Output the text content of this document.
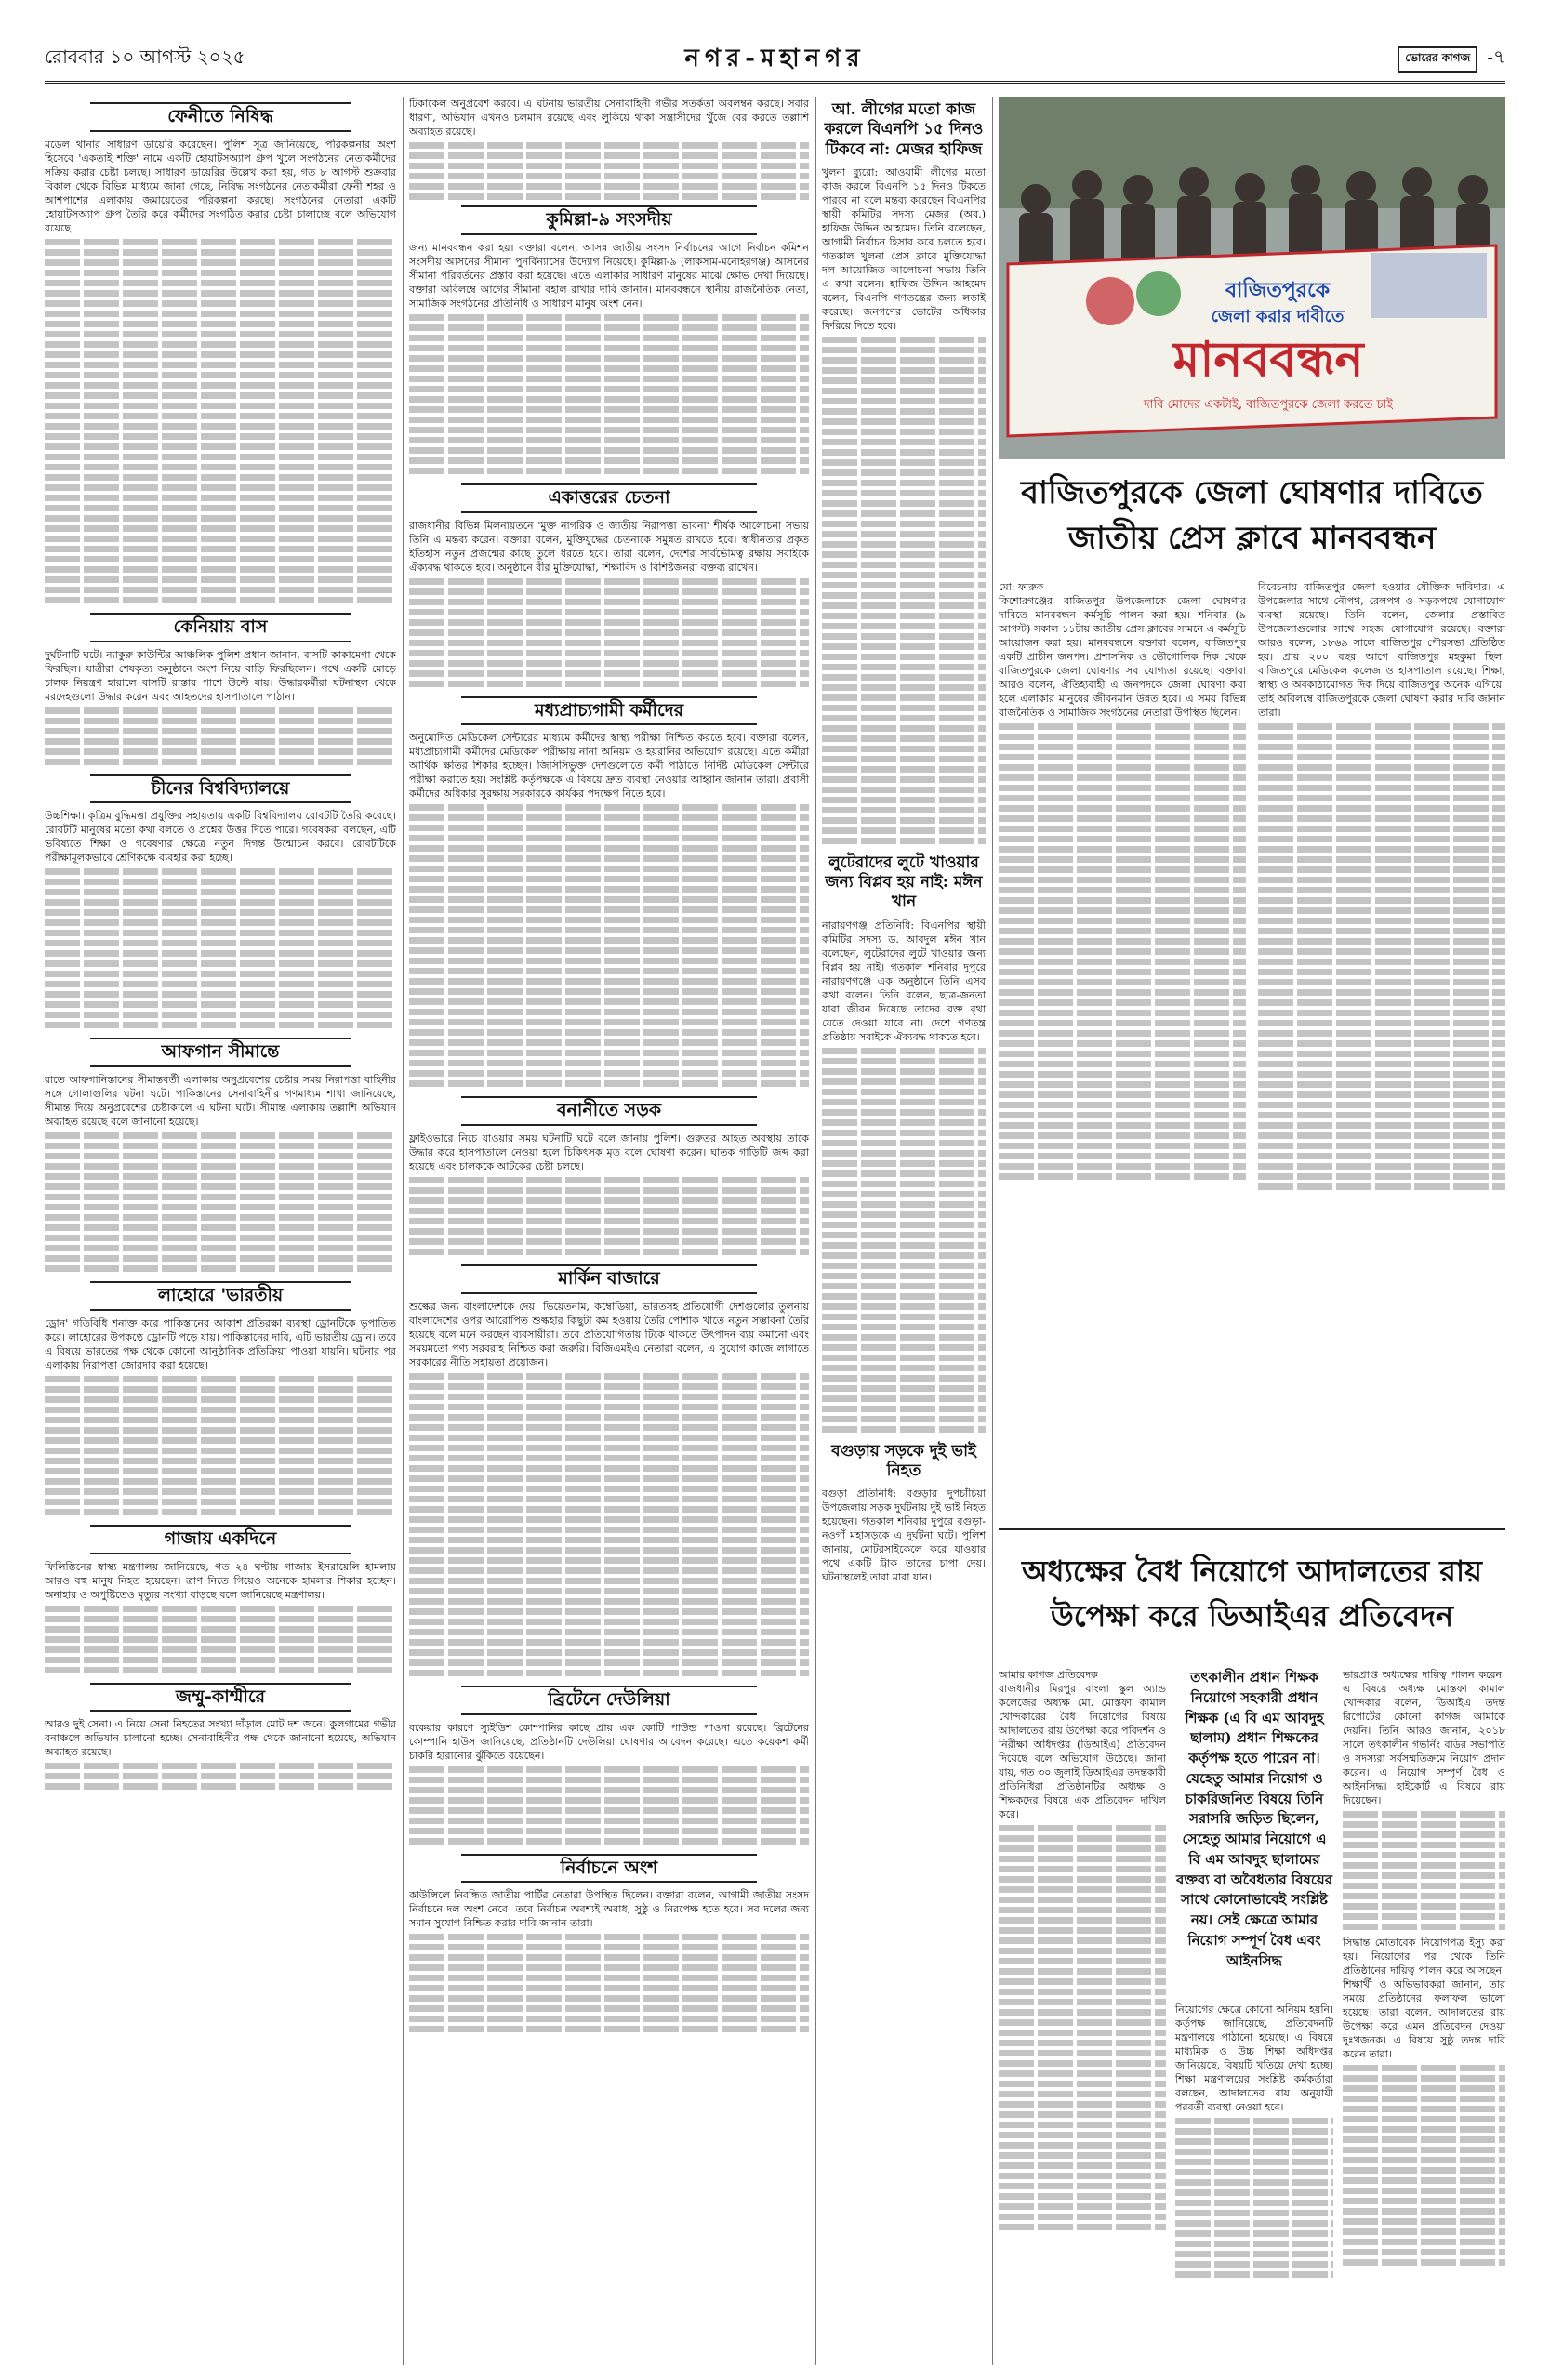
রোববার ১০ আগস্ট ২০২৫	নগর-মহানগর	ভোরের কাগজ -৭
ফেনীতে নিষিদ্ধ
মডেল থানার সাধারণ ডায়েরি করেছেন। পুলিশ সূত্র জানিয়েছে, পরিকল্পনার অংশ হিসেবে 'একতাই শক্তি' নামে একটি হোয়াটসঅ্যাপ গ্রুপ খুলে সংগঠনের নেতাকর্মীদের সক্রিয় করার চেষ্টা চলছে। সাধারণ ডায়েরির উল্লেখ করা হয়, গত ৮ আগস্ট শুক্রবার বিকাল থেকে বিভিন্ন মাধ্যমে জানা গেছে, নিষিদ্ধ সংগঠনের নেতাকর্মীরা ফেনী শহর ও আশপাশের এলাকায় জমায়েতের পরিকল্পনা করছে। সংগঠনের নেতারা একটি হোয়াটসঅ্যাপ গ্রুপ তৈরি করে কর্মীদের সংগঠিত করার চেষ্টা চালাচ্ছে বলে অভিযোগ রয়েছে।
কেনিয়ায় বাস
দুর্ঘটনাটি ঘটে। ন্যাকুরু কাউন্টির আঞ্চলিক পুলিশ প্রধান জানান, বাসটি কাকামেগা থেকে ফিরছিল। যাত্রীরা শেষকৃত্য অনুষ্ঠানে অংশ নিয়ে বাড়ি ফিরছিলেন। পথে একটি মোড়ে চালক নিয়ন্ত্রণ হারালে বাসটি রাস্তার পাশে উল্টে যায়। উদ্ধারকর্মীরা ঘটনাস্থল থেকে মরদেহগুলো উদ্ধার করেন এবং আহতদের হাসপাতালে পাঠান।
চীনের বিশ্ববিদ্যালয়ে
উচ্চশিক্ষা। কৃত্রিম বুদ্ধিমত্তা প্রযুক্তির সহায়তায় একটি বিশ্ববিদ্যালয় রোবটটি তৈরি করেছে। রোবটটি মানুষের মতো কথা বলতে ও প্রশ্নের উত্তর দিতে পারে। গবেষকরা বলছেন, এটি ভবিষ্যতে শিক্ষা ও গবেষণার ক্ষেত্রে নতুন দিগন্ত উন্মোচন করবে। রোবটটিকে পরীক্ষামূলকভাবে শ্রেণিকক্ষে ব্যবহার করা হচ্ছে।
আফগান সীমান্তে
রাতে আফগানিস্তানের সীমান্তবর্তী এলাকায় অনুপ্রবেশের চেষ্টার সময় নিরাপত্তা বাহিনীর সঙ্গে গোলাগুলির ঘটনা ঘটে। পাকিস্তানের সেনাবাহিনীর গণমাধ্যম শাখা জানিয়েছে, সীমান্ত দিয়ে অনুপ্রবেশের চেষ্টাকালে এ ঘটনা ঘটে। সীমান্ত এলাকায় তল্লাশি অভিযান অব্যাহত রয়েছে বলে জানানো হয়েছে।
লাহোরে 'ভারতীয়
ড্রোন' গতিবিধি শনাক্ত করে পাকিস্তানের আকাশ প্রতিরক্ষা ব্যবস্থা ড্রোনটিকে ভূপাতিত করে। লাহোরের উপকণ্ঠে ড্রোনটি পড়ে যায়। পাকিস্তানের দাবি, এটি ভারতীয় ড্রোন। তবে এ বিষয়ে ভারতের পক্ষ থেকে কোনো আনুষ্ঠানিক প্রতিক্রিয়া পাওয়া যায়নি। ঘটনার পর এলাকায় নিরাপত্তা জোরদার করা হয়েছে।
গাজায় একদিনে
ফিলিস্তিনের স্বাস্থ্য মন্ত্রণালয় জানিয়েছে, গত ২৪ ঘণ্টায় গাজায় ইসরায়েলি হামলায় আরও বহু মানুষ নিহত হয়েছেন। ত্রাণ নিতে গিয়েও অনেকে হামলার শিকার হচ্ছেন। অনাহার ও অপুষ্টিতেও মৃত্যুর সংখ্যা বাড়ছে বলে জানিয়েছে মন্ত্রণালয়।
জম্মু-কাশ্মীরে
আরও দুই সেনা। এ নিয়ে সেনা নিহতের সংখ্যা দাঁড়াল মোট দশ জনে। কুলগামের গভীর বনাঞ্চলে অভিযান চালানো হচ্ছে। সেনাবাহিনীর পক্ষ থেকে জানানো হয়েছে, অভিযান অব্যাহত রয়েছে।
টিকাকেল অনুপ্রবেশ করবে। এ ঘটনায় ভারতীয় সেনাবাহিনী গভীর সতর্কতা অবলম্বন করছে। সবার ধারণা, অভিযান এখনও চলমান রয়েছে এবং লুকিয়ে থাকা সন্ত্রাসীদের খুঁজে বের করতে তল্লাশি অব্যাহত রয়েছে।
কুমিল্লা-৯ সংসদীয়
জন্য মানববন্ধন করা হয়। বক্তারা বলেন, আসন্ন জাতীয় সংসদ নির্বাচনের আগে নির্বাচন কমিশন সংসদীয় আসনের সীমানা পুনর্বিন্যাসের উদ্যোগ নিয়েছে। কুমিল্লা-৯ (লাকসাম-মনোহরগঞ্জ) আসনের সীমানা পরিবর্তনের প্রস্তাব করা হয়েছে। এতে এলাকার সাধারণ মানুষের মাঝে ক্ষোভ দেখা দিয়েছে। বক্তারা অবিলম্বে আগের সীমানা বহাল রাখার দাবি জানান। মানববন্ধনে স্থানীয় রাজনৈতিক নেতা, সামাজিক সংগঠনের প্রতিনিধি ও সাধারণ মানুষ অংশ নেন।
একাত্তরের চেতনা
রাজধানীর বিভিন্ন মিলনায়তনে 'মুক্ত নাগরিক ও জাতীয় নিরাপত্তা ভাবনা' শীর্ষক আলোচনা সভায় তিনি এ মন্তব্য করেন। বক্তারা বলেন, মুক্তিযুদ্ধের চেতনাকে সমুন্নত রাখতে হবে। স্বাধীনতার প্রকৃত ইতিহাস নতুন প্রজন্মের কাছে তুলে ধরতে হবে। তারা বলেন, দেশের সার্বভৌমত্ব রক্ষায় সবাইকে ঐক্যবদ্ধ থাকতে হবে। অনুষ্ঠানে বীর মুক্তিযোদ্ধা, শিক্ষাবিদ ও বিশিষ্টজনরা বক্তব্য রাখেন।
মধ্যপ্রাচ্যগামী কর্মীদের
অনুমোদিত মেডিকেল সেন্টারের মাধ্যমে কর্মীদের স্বাস্থ্য পরীক্ষা নিশ্চিত করতে হবে। বক্তারা বলেন, মধ্যপ্রাচ্যগামী কর্মীদের মেডিকেল পরীক্ষায় নানা অনিয়ম ও হয়রানির অভিযোগ রয়েছে। এতে কর্মীরা আর্থিক ক্ষতির শিকার হচ্ছেন। জিসিসিভুক্ত দেশগুলোতে কর্মী পাঠাতে নির্দিষ্ট মেডিকেল সেন্টারে পরীক্ষা করাতে হয়। সংশ্লিষ্ট কর্তৃপক্ষকে এ বিষয়ে দ্রুত ব্যবস্থা নেওয়ার আহ্বান জানান তারা। প্রবাসী কর্মীদের অধিকার সুরক্ষায় সরকারকে কার্যকর পদক্ষেপ নিতে হবে।
বনানীতে সড়ক
ফ্লাইওভারে নিচে যাওয়ার সময় ঘটনাটি ঘটে বলে জানায় পুলিশ। গুরুতর আহত অবস্থায় তাকে উদ্ধার করে হাসপাতালে নেওয়া হলে চিকিৎসক মৃত বলে ঘোষণা করেন। ঘাতক গাড়িটি জব্দ করা হয়েছে এবং চালককে আটকের চেষ্টা চলছে।
মার্কিন বাজারে
শুল্কের জন্য বাংলাদেশকে দেয়। ভিয়েতনাম, কম্বোডিয়া, ভারতসহ প্রতিযোগী দেশগুলোর তুলনায় বাংলাদেশের ওপর আরোপিত শুল্কহার কিছুটা কম হওয়ায় তৈরি পোশাক খাতে নতুন সম্ভাবনা তৈরি হয়েছে বলে মনে করছেন ব্যবসায়ীরা। তবে প্রতিযোগিতায় টিকে থাকতে উৎপাদন ব্যয় কমানো এবং সময়মতো পণ্য সরবরাহ নিশ্চিত করা জরুরি। বিজিএমইএ নেতারা বলেন, এ সুযোগ কাজে লাগাতে সরকারের নীতি সহায়তা প্রয়োজন।
ব্রিটেনে দেউলিয়া
বকেয়ার কারণে স্যুইডিশ কোম্পানির কাছে প্রায় এক কোটি পাউন্ড পাওনা রয়েছে। ব্রিটেনের কোম্পানি হাউস জানিয়েছে, প্রতিষ্ঠানটি দেউলিয়া ঘোষণার আবেদন করেছে। এতে কয়েকশ কর্মী চাকরি হারানোর ঝুঁকিতে রয়েছেন।
নির্বাচনে অংশ
কাউন্সিলে নিবন্ধিত জাতীয় পার্টির নেতারা উপস্থিত ছিলেন। বক্তারা বলেন, আগামী জাতীয় সংসদ নির্বাচনে দল অংশ নেবে। তবে নির্বাচন অবশ্যই অবাধ, সুষ্ঠু ও নিরপেক্ষ হতে হবে। সব দলের জন্য সমান সুযোগ নিশ্চিত করার দাবি জানান তারা।
আ. লীগের মতো কাজ করলে বিএনপি ১৫ দিনও টিকবে না: মেজর হাফিজ
খুলনা ব্যুরো: আওয়ামী লীগের মতো কাজ করলে বিএনপি ১৫ দিনও টিকতে পারবে না বলে মন্তব্য করেছেন বিএনপির স্থায়ী কমিটির সদস্য মেজর (অব.) হাফিজ উদ্দিন আহমেদ। তিনি বলেছেন, আগামী নির্বাচন হিসাব করে চলতে হবে। গতকাল খুলনা প্রেস ক্লাবে মুক্তিযোদ্ধা দল আয়োজিত আলোচনা সভায় তিনি এ কথা বলেন। হাফিজ উদ্দিন আহমেদ বলেন, বিএনপি গণতন্ত্রের জন্য লড়াই করেছে। জনগণের ভোটের অধিকার ফিরিয়ে দিতে হবে।
লুটেরাদের লুটে খাওয়ার জন্য বিপ্লব হয় নাই: মঈন খান
নারায়ণগঞ্জ প্রতিনিধি: বিএনপির স্থায়ী কমিটির সদস্য ড. আবদুল মঈন খান বলেছেন, লুটেরাদের লুটে খাওয়ার জন্য বিপ্লব হয় নাই। গতকাল শনিবার দুপুরে নারায়ণগঞ্জে এক অনুষ্ঠানে তিনি এসব কথা বলেন। তিনি বলেন, ছাত্র-জনতা যারা জীবন দিয়েছে তাদের রক্ত বৃথা যেতে দেওয়া যাবে না। দেশে গণতন্ত্র প্রতিষ্ঠায় সবাইকে ঐক্যবদ্ধ থাকতে হবে।
বগুড়ায় সড়কে দুই ভাই নিহত
বগুড়া প্রতিনিধি: বগুড়ার দুপচাঁচিয়া উপজেলায় সড়ক দুর্ঘটনায় দুই ভাই নিহত হয়েছেন। গতকাল শনিবার দুপুরে বগুড়া-নওগাঁ মহাসড়কে এ দুর্ঘটনা ঘটে। পুলিশ জানায়, মোটরসাইকেলে করে যাওয়ার পথে একটি ট্রাক তাদের চাপা দেয়। ঘটনাস্থলেই তারা মারা যান।
বাজিতপুরকে
জেলা করার দাবীতে
মানববন্ধন
দাবি মোদের একটাই, বাজিতপুরকে জেলা করতে চাই
বাজিতপুরকে জেলা ঘোষণার দাবিতে জাতীয় প্রেস ক্লাবে মানববন্ধন
মো: ফারুক
কিশোরগঞ্জের বাজিতপুর উপজেলাকে জেলা ঘোষণার দাবিতে মানববন্ধন কর্মসূচি পালন করা হয়। শনিবার (৯ আগস্ট) সকাল ১১টায় জাতীয় প্রেস ক্লাবের সামনে এ কর্মসূচি আয়োজন করা হয়। মানববন্ধনে বক্তারা বলেন, বাজিতপুর একটি প্রাচীন জনপদ। প্রশাসনিক ও ভৌগোলিক দিক থেকে বাজিতপুরকে জেলা ঘোষণার সব যোগ্যতা রয়েছে। বক্তারা আরও বলেন, ঐতিহ্যবাহী এ জনপদকে জেলা ঘোষণা করা হলে এলাকার মানুষের জীবনমান উন্নত হবে। এ সময় বিভিন্ন রাজনৈতিক ও সামাজিক সংগঠনের নেতারা উপস্থিত ছিলেন।
বিবেচনায় বাজিতপুর জেলা হওয়ার যৌক্তিক দাবিদার। এ উপজেলার সাথে নৌপথ, রেলপথ ও সড়কপথে যোগাযোগ ব্যবস্থা রয়েছে। তিনি বলেন, জেলার প্রস্তাবিত উপজেলাগুলোর সাথে সহজ যোগাযোগ রয়েছে। বক্তারা আরও বলেন, ১৮৬৯ সালে বাজিতপুর পৌরসভা প্রতিষ্ঠিত হয়। প্রায় ২০০ বছর আগে বাজিতপুর মহকুমা ছিল। বাজিতপুরে মেডিকেল কলেজ ও হাসপাতাল রয়েছে। শিক্ষা, স্বাস্থ্য ও অবকাঠামোগত দিক দিয়ে বাজিতপুর অনেক এগিয়ে। তাই অবিলম্বে বাজিতপুরকে জেলা ঘোষণা করার দাবি জানান তারা।
অধ্যক্ষের বৈধ নিয়োগে আদালতের রায় উপেক্ষা করে ডিআইএর প্রতিবেদন
আমার কাগজ প্রতিবেদক
রাজধানীর মিরপুর বাংলা স্কুল অ্যান্ড কলেজের অধ্যক্ষ মো. মোস্তফা কামাল খোন্দকারের বৈধ নিয়োগের বিষয়ে আদালতের রায় উপেক্ষা করে পরিদর্শন ও নিরীক্ষা অধিদপ্তর (ডিআইএ) প্রতিবেদন দিয়েছে বলে অভিযোগ উঠেছে। জানা যায়, গত ৩০ জুলাই ডিআইএর তদন্তকারী প্রতিনিধিরা প্রতিষ্ঠানটির অধ্যক্ষ ও শিক্ষকদের বিষয়ে এক প্রতিবেদন দাখিল করে।
তৎকালীন প্রধান শিক্ষক নিয়োগে সহকারী প্রধান শিক্ষক (এ বি এম আবদুহ ছালাম) প্রধান শিক্ষকের কর্তৃপক্ষ হতে পারেন না। যেহেতু আমার নিয়োগ ও চাকরিজনিত বিষয়ে তিনি সরাসরি জড়িত ছিলেন, সেহেতু আমার নিয়োগে এ বি এম আবদুহ ছালামের বক্তব্য বা অবৈধতার বিষয়ের সাথে কোনোভাবেই সংশ্লিষ্ট নয়। সেই ক্ষেত্রে আমার নিয়োগ সম্পূর্ণ বৈধ এবং আইনসিদ্ধ
নিয়োগের ক্ষেত্রে কোনো অনিয়ম হয়নি। কর্তৃপক্ষ জানিয়েছে, প্রতিবেদনটি মন্ত্রণালয়ে পাঠানো হয়েছে। এ বিষয়ে মাধ্যমিক ও উচ্চ শিক্ষা অধিদপ্তর জানিয়েছে, বিষয়টি খতিয়ে দেখা হচ্ছে। শিক্ষা মন্ত্রণালয়ের সংশ্লিষ্ট কর্মকর্তারা বলছেন, আদালতের রায় অনুযায়ী পরবর্তী ব্যবস্থা নেওয়া হবে।
ভারপ্রাপ্ত অধ্যক্ষের দায়িত্ব পালন করেন। এ বিষয়ে অধ্যক্ষ মোস্তফা কামাল খোন্দকার বলেন, ডিআইএ তদন্ত রিপোর্টের কোনো কাগজ আমাকে দেয়নি। তিনি আরও জানান, ২০১৮ সালে তৎকালীন গভর্নিং বডির সভাপতি ও সদস্যরা সর্বসম্মতিক্রমে নিয়োগ প্রদান করেন। এ নিয়োগ সম্পূর্ণ বৈধ ও আইনসিদ্ধ। হাইকোর্ট এ বিষয়ে রায় দিয়েছেন।
সিদ্ধান্ত মোতাবেক নিয়োগপত্র ইস্যু করা হয়। নিয়োগের পর থেকে তিনি প্রতিষ্ঠানের দায়িত্ব পালন করে আসছেন। শিক্ষার্থী ও অভিভাবকরা জানান, তার সময়ে প্রতিষ্ঠানের ফলাফল ভালো হয়েছে। তারা বলেন, আদালতের রায় উপেক্ষা করে এমন প্রতিবেদন দেওয়া দুঃখজনক। এ বিষয়ে সুষ্ঠু তদন্ত দাবি করেন তারা।
